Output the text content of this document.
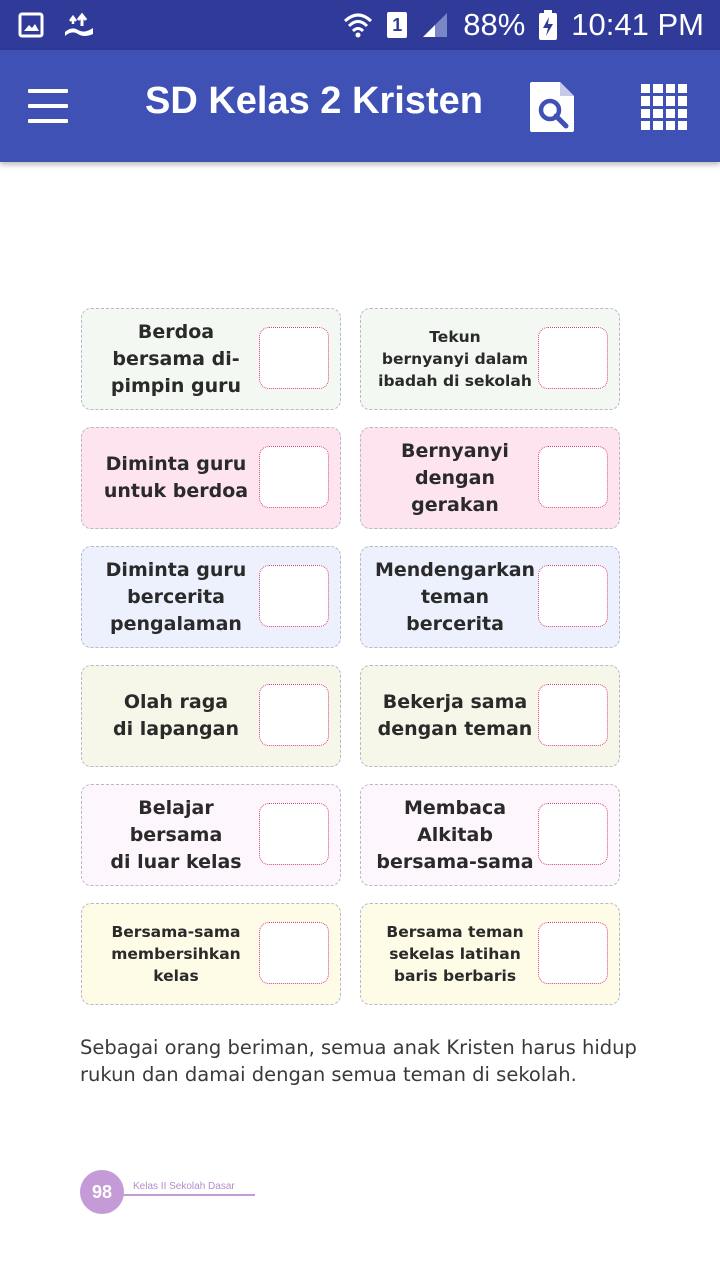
1 88% 10:41 PM
SD Kelas 2 Kristen
Berdoa
bersama di-
pimpin guru
Tekun
bernyanyi dalam
ibadah di sekolah
Diminta guru
untuk berdoa
Bernyanyi
dengan
gerakan
Diminta guru
bercerita
pengalaman
Mendengarkan
teman bercerita
Olah raga
di lapangan
Bekerja sama
dengan teman
Belajar
bersama
di luar kelas
Membaca
Alkitab
bersama-sama
Bersama-sama
membersihkan
kelas
Bersama teman
sekelas latihan
baris berbaris

Sebagai orang beriman, semua anak Kristen harus hidup rukun dan damai dengan semua teman di sekolah.

98	Kelas II Sekolah Dasar
